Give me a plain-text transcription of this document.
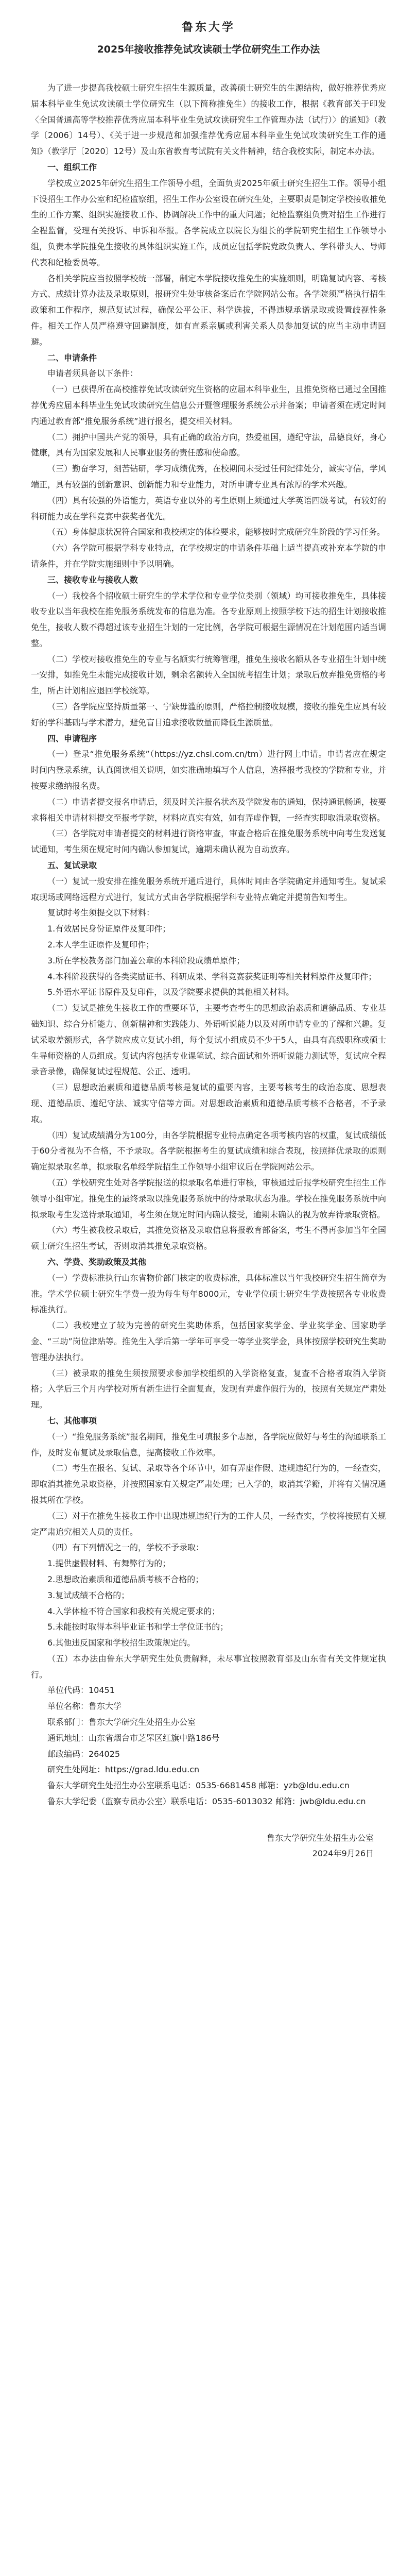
鲁东大学
2025年接收推荐免试攻读硕士学位研究生工作办法

为了进一步提高我校硕士研究生招生生源质量，改善硕士研究生的生源结构，做好推荐优秀应届本科毕业生免试攻读硕士学位研究生（以下简称推免生）的接收工作，根据《教育部关于印发〈全国普通高等学校推荐优秀应届本科毕业生免试攻读研究生工作管理办法（试行）〉的通知》（教学〔2006〕14号）、《关于进一步规范和加强推荐优秀应届本科毕业生免试攻读研究生工作的通知》（教学厅〔2020〕12号）及山东省教育考试院有关文件精神，结合我校实际，制定本办法。

一、组织工作

学校成立2025年研究生招生工作领导小组，全面负责2025年硕士研究生招生工作。领导小组下设招生工作办公室和纪检监察组，招生工作办公室设在研究生处，主要职责是制定学校接收推免生的工作方案、组织实施接收工作、协调解决工作中的重大问题；纪检监察组负责对招生工作进行全程监督，受理有关投诉、申诉和举报。各学院成立以院长为组长的学院研究生招生工作领导小组，负责本学院推免生接收的具体组织实施工作，成员应包括学院党政负责人、学科带头人、导师代表和纪检委员等。

各相关学院应当按照学校统一部署，制定本学院接收推免生的实施细则，明确复试内容、考核方式、成绩计算办法及录取原则，报研究生处审核备案后在学院网站公布。各学院须严格执行招生政策和工作程序，规范复试过程，确保公平公正、科学选拔，不得违规承诺录取或设置歧视性条件。相关工作人员严格遵守回避制度，如有直系亲属或利害关系人员参加复试的应当主动申请回避。

二、申请条件

申请者须具备以下条件：

（一）已获得所在高校推荐免试攻读研究生资格的应届本科毕业生，且推免资格已通过全国推荐优秀应届本科毕业生免试攻读研究生信息公开暨管理服务系统公示并备案；申请者须在规定时间内通过教育部“推免服务系统”进行报名，提交相关材料。

（二）拥护中国共产党的领导，具有正确的政治方向，热爱祖国，遵纪守法，品德良好，身心健康，具有为国家发展和人民事业服务的责任感和使命感。

（三）勤奋学习，刻苦钻研，学习成绩优秀，在校期间未受过任何纪律处分，诚实守信，学风端正，具有较强的创新意识、创新能力和专业能力，对所申请专业具有浓厚的学术兴趣。

（四）具有较强的外语能力，英语专业以外的考生原则上须通过大学英语四级考试，有较好的科研能力或在学科竞赛中获奖者优先。

（五）身体健康状况符合国家和我校规定的体检要求，能够按时完成研究生阶段的学习任务。

（六）各学院可根据学科专业特点，在学校规定的申请条件基础上适当提高或补充本学院的申请条件，并在学院实施细则中予以明确。

三、接收专业与接收人数

（一）我校各个招收硕士研究生的学术学位和专业学位类别（领域）均可接收推免生，具体接收专业以当年我校在推免服务系统发布的信息为准。各专业原则上按照学校下达的招生计划接收推免生，接收人数不得超过该专业招生计划的一定比例，各学院可根据生源情况在计划范围内适当调整。

（二）学校对接收推免生的专业与名额实行统筹管理，推免生接收名额从各专业招生计划中统一安排，如推免生未能完成接收计划，剩余名额转入全国统考招生计划；录取后放弃推免资格的考生，所占计划相应退回学校统筹。

（三）各学院应坚持质量第一、宁缺毋滥的原则，严格控制接收规模，接收的推免生应具有较好的学科基础与学术潜力，避免盲目追求接收数量而降低生源质量。

四、申请程序

（一）登录“推免服务系统”（https://yz.chsi.com.cn/tm）进行网上申请。申请者应在规定时间内登录系统，认真阅读相关说明，如实准确地填写个人信息，选择报考我校的学院和专业，并按要求缴纳报名费。

（二）申请者提交报名申请后，须及时关注报名状态及学院发布的通知，保持通讯畅通，按要求将相关申请材料提交至报考学院，材料应真实有效，如有弄虚作假，一经查实即取消录取资格。

（三）各学院对申请者提交的材料进行资格审查，审查合格后在推免服务系统中向考生发送复试通知，考生须在规定时间内确认参加复试，逾期未确认视为自动放弃。

五、复试录取

（一）复试一般安排在推免服务系统开通后进行，具体时间由各学院确定并通知考生。复试采取现场或网络远程方式进行，复试方式由各学院根据学科专业特点确定并提前告知考生。

复试时考生须提交以下材料：

1.有效居民身份证原件及复印件；

2.本人学生证原件及复印件；

3.所在学校教务部门加盖公章的本科阶段成绩单原件；

4.本科阶段获得的各类奖励证书、科研成果、学科竞赛获奖证明等相关材料原件及复印件；

5.外语水平证书原件及复印件，以及学院要求提供的其他相关材料。

（二）复试是推免生接收工作的重要环节，主要考查考生的思想政治素质和道德品质、专业基础知识、综合分析能力、创新精神和实践能力、外语听说能力以及对所申请专业的了解和兴趣。复试采取差额形式，各学院应成立复试小组，每个复试小组成员不少于5人，由具有高级职称或硕士生导师资格的人员组成。复试内容包括专业课笔试、综合面试和外语听说能力测试等，复试应全程录音录像，确保复试过程规范、公正、透明。

（三）思想政治素质和道德品质考核是复试的重要内容，主要考核考生的政治态度、思想表现、道德品质、遵纪守法、诚实守信等方面。对思想政治素质和道德品质考核不合格者，不予录取。

（四）复试成绩满分为100分，由各学院根据专业特点确定各项考核内容的权重，复试成绩低于60分者视为不合格，不予录取。各学院根据考生的复试成绩和综合表现，按照择优录取的原则确定拟录取名单，拟录取名单经学院招生工作领导小组审议后在学院网站公示。

（五）学校研究生处对各学院报送的拟录取名单进行审核，审核通过后报学校研究生招生工作领导小组审定。推免生的最终录取以推免服务系统中的待录取状态为准。学校在推免服务系统中向拟录取考生发送待录取通知，考生须在规定时间内确认接受，逾期未确认的视为放弃待录取资格。

（六）考生被我校录取后，其推免资格及录取信息将报教育部备案，考生不得再参加当年全国硕士研究生招生考试，否则取消其推免录取资格。

六、学费、奖助政策及其他

（一）学费标准执行山东省物价部门核定的收费标准，具体标准以当年我校研究生招生简章为准。学术学位硕士研究生学费一般为每生每年8000元，专业学位硕士研究生学费按照各专业收费标准执行。

（二）我校建立了较为完善的研究生奖助体系，包括国家奖学金、学业奖学金、国家助学金、“三助”岗位津贴等。推免生入学后第一学年可享受一等学业奖学金，具体按照学校研究生奖助管理办法执行。

（三）被录取的推免生须按照要求参加学校组织的入学资格复查，复查不合格者取消入学资格；入学后三个月内学校对所有新生进行全面复查，发现有弄虚作假行为的，按照有关规定严肃处理。

七、其他事项

（一）“推免服务系统”报名期间，推免生可填报多个志愿，各学院应做好与考生的沟通联系工作，及时发布复试及录取信息，提高接收工作效率。

（二）考生在报名、复试、录取等各个环节中，如有弄虚作假、违规违纪行为的，一经查实，即取消其推免录取资格，并按照国家有关规定严肃处理；已入学的，取消其学籍，并将有关情况通报其所在学校。

（三）对于在推免生接收工作中出现违规违纪行为的工作人员，一经查实，学校将按照有关规定严肃追究相关人员的责任。

（四）有下列情况之一的，学校不予录取：

1.提供虚假材料、有舞弊行为的；

2.思想政治素质和道德品质考核不合格的；

3.复试成绩不合格的；

4.入学体检不符合国家和我校有关规定要求的；

5.未能按时取得本科毕业证书和学士学位证书的；

6.其他违反国家和学校招生政策规定的。

（五）本办法由鲁东大学研究生处负责解释，未尽事宜按照教育部及山东省有关文件规定执行。

单位代码：10451

单位名称：鲁东大学

联系部门：鲁东大学研究生处招生办公室

通讯地址：山东省烟台市芝罘区红旗中路186号

邮政编码：264025

研究生处网址：https://grad.ldu.edu.cn

鲁东大学研究生处招生办公室联系电话：0535-6681458 邮箱：yzb@ldu.edu.cn

鲁东大学纪委（监察专员办公室）联系电话：0535-6013032 邮箱：jwb@ldu.edu.cn

鲁东大学研究生处招生办公室
2024年9月26日
